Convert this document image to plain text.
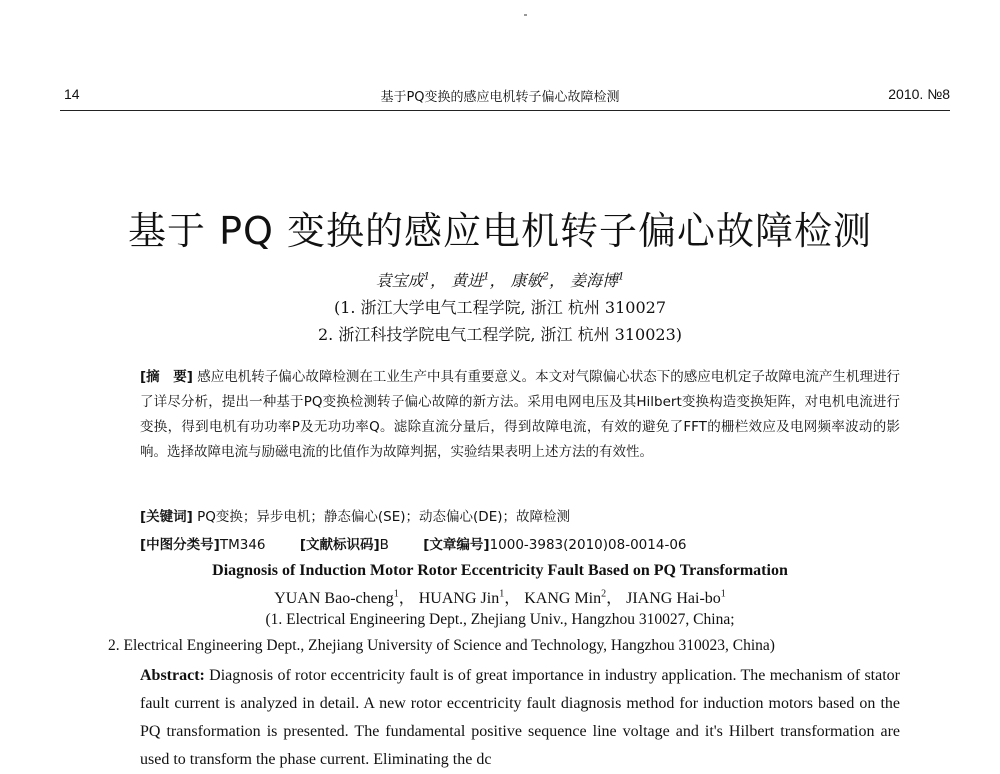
14	基于PQ变换的感应电机转子偏心故障检测	2010. №8
基于 PQ 变换的感应电机转子偏心故障检测
袁宝成$^1$， 黄进$^1$， 康敏$^2$， 姜海博$^1$
(1. 浙江大学电气工程学院, 浙江 杭州 310027
2. 浙江科技学院电气工程学院, 浙江 杭州 310023)
[摘　要] 感应电机转子偏心故障检测在工业生产中具有重要意义。本文对气隙偏心状态下的感应电机定子故障电流产生机理进行了详尽分析，提出一种基于PQ变换检测转子偏心故障的新方法。采用电网电压及其Hilbert变换构造变换矩阵，对电机电流进行变换，得到电机有功功率P及无功功率Q。滤除直流分量后，得到故障电流，有效的避免了FFT的栅栏效应及电网频率波动的影响。选择故障电流与励磁电流的比值作为故障判据，实验结果表明上述方法的有效性。
[关键词] PQ变换；异步电机；静态偏心(SE)；动态偏心(DE)；故障检测
[中图分类号]TM346	[文献标识码]B	[文章编号]1000-3983(2010)08-0014-06
Diagnosis of Induction Motor Rotor Eccentricity Fault Based on PQ Transformation
YUAN Bao-cheng$^1$， HUANG Jin$^1$， KANG Min$^2$， JIANG Hai-$bo^1$
(1. Electrical Engineering Dept., Zhejiang Univ., Hangzhou 310027, China;
2. Electrical Engineering Dept., Zhejiang University of Science and Technology, Hangzhou 310023, China)
Abstract: Diagnosis of rotor eccentricity fault is of great importance in industry application. The mechanism of stator fault current is analyzed in detail. A new rotor eccentricity fault diagnosis method for induction motors based on the PQ transformation is presented. The fundamental positive sequence line voltage and it's Hilbert transformation are used to transform the phase current. Eliminating the dc
